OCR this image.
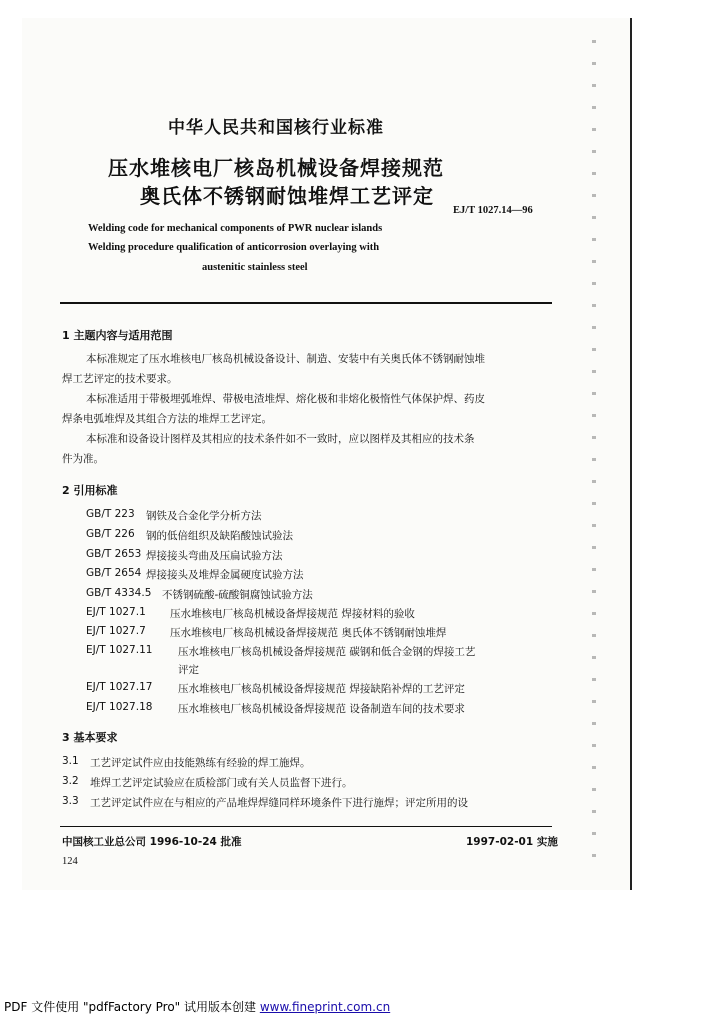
中华人民共和国核行业标准
压水堆核电厂核岛机械设备焊接规范
奥氏体不锈钢耐蚀堆焊工艺评定
EJ/T 1027.14—96
Welding code for mechanical components of PWR nuclear islands
Welding procedure qualification of anticorrosion overlaying with
austenitic stainless steel
1 主题内容与适用范围
本标准规定了压水堆核电厂核岛机械设备设计、制造、安装中有关奥氏体不锈钢耐蚀堆
焊工艺评定的技术要求。
本标准适用于带极埋弧堆焊、带极电渣堆焊、熔化极和非熔化极惰性气体保护焊、药皮
焊条电弧堆焊及其组合方法的堆焊工艺评定。
本标准和设备设计图样及其相应的技术条件如不一致时，应以图样及其相应的技术条
件为准。
2 引用标准
GB/T 223 钢铁及合金化学分析方法
GB/T 226 钢的低倍组织及缺陷酸蚀试验法
GB/T 2653 焊接接头弯曲及压扁试验方法
GB/T 2654 焊接接头及堆焊金属硬度试验方法
GB/T 4334.5 不锈钢硫酸-硫酸铜腐蚀试验方法
EJ/T 1027.1 压水堆核电厂核岛机械设备焊接规范 焊接材料的验收
EJ/T 1027.7 压水堆核电厂核岛机械设备焊接规范 奥氏体不锈钢耐蚀堆焊
EJ/T 1027.11 压水堆核电厂核岛机械设备焊接规范 碳钢和低合金钢的焊接工艺
评定
EJ/T 1027.17 压水堆核电厂核岛机械设备焊接规范 焊接缺陷补焊的工艺评定
EJ/T 1027.18 压水堆核电厂核岛机械设备焊接规范 设备制造车间的技术要求
3 基本要求
3.1 工艺评定试件应由技能熟练有经验的焊工施焊。
3.2 堆焊工艺评定试验应在质检部门或有关人员监督下进行。
3.3 工艺评定试件应在与相应的产品堆焊焊缝同样环境条件下进行施焊；评定所用的设
中国核工业总公司 1996-10-24 批准	1997-02-01 实施
124
PDF 文件使用 "pdfFactory Pro" 试用版本创建 www.fineprint.com.cn
